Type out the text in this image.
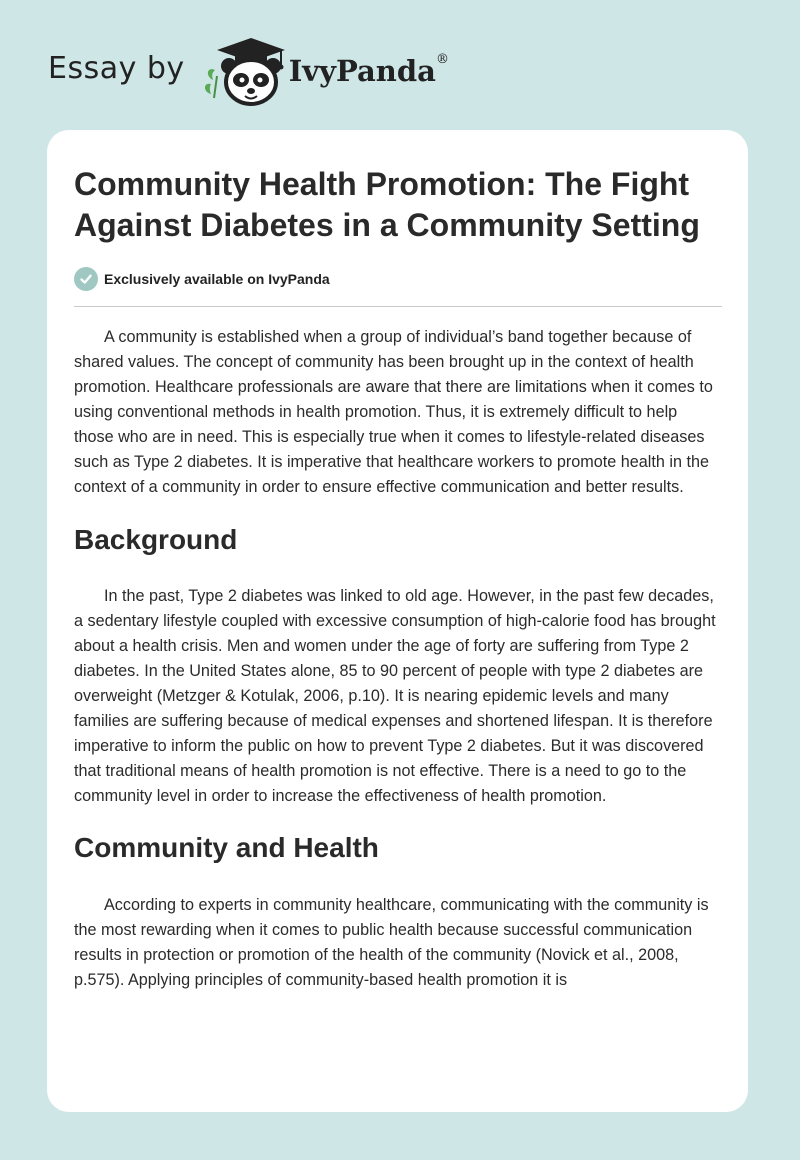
Essay by	IvyPanda®
Community Health Promotion: The Fight Against Diabetes in a Community Setting
Exclusively available on IvyPanda

A community is established when a group of individual’s band together because of shared values. The concept of community has been brought up in the context of health promotion. Healthcare professionals are aware that there are limitations when it comes to using conventional methods in health promotion. Thus, it is extremely difficult to help those who are in need. This is especially true when it comes to lifestyle-related diseases such as Type 2 diabetes. It is imperative that healthcare workers to promote health in the context of a community in order to ensure effective communication and better results.

Background

In the past, Type 2 diabetes was linked to old age. However, in the past few decades, a sedentary lifestyle coupled with excessive consumption of high-calorie food has brought about a health crisis. Men and women under the age of forty are suffering from Type 2 diabetes. In the United States alone, 85 to 90 percent of people with type 2 diabetes are overweight (Metzger & Kotulak, 2006, p.10). It is nearing epidemic levels and many families are suffering because of medical expenses and shortened lifespan. It is therefore imperative to inform the public on how to prevent Type 2 diabetes. But it was discovered that traditional means of health promotion is not effective. There is a need to go to the community level in order to increase the effectiveness of health promotion.

Community and Health

According to experts in community healthcare, communicating with the community is the most rewarding when it comes to public health because successful communication results in protection or promotion of the health of the community (Novick et al., 2008, p.575). Applying principles of community-based health promotion it is
